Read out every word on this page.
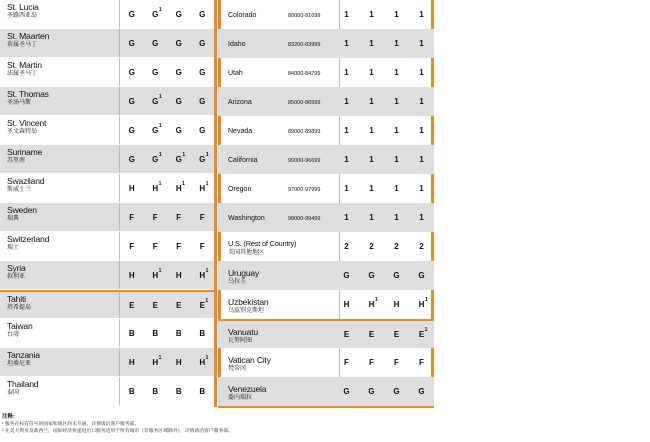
St. Lucia
圣路西亚岛	G	G 1	G	G
St. Maarten
荷属圣马丁	G	G	G	G
St. Martin
法属圣马丁	G	G	G	G
St. Thomas
圣汤马斯	G	G 1	G	G
St. Vincent
圣文森特岛	G	G 1	G	G
Suriname
苏里南	G	G 1	G 1	G 1
Swaziland
斯威士兰	H	H 1	H 1	H 1
Sweden
瑞典	F	F	F	F
Switzerland
瑞士	F	F	F	F
Syria
叙利亚	H	H 1	H	H 1
Tahiti
塔希提岛	E	E	E	E 1
Taiwan
台湾	B	B	B	B
Tanzania
坦桑尼亚	H	H 1	H	H 1
Thailand
泰国	B	B	B	B
Colorado	80000-81699	1	1	1	1
Idaho	83200-83999	1	1	1	1
Utah	84000-84799	1	1	1	1
Arizona	85000-86599	1	1	1	1
Nevada	89000-89899	1	1	1	1
California	90000-96699	1	1	1	1
Oregon	97000-97999	1	1	1	1
Washington	98000-99499	1	1	1	1
U.S. (Rest of Country)
美国其他地区
2	2	2	2
Uruguay
乌拉圭
G	G	G	G
Uzbekistan
乌兹别克斯坦
H	H 1	H	H 1
Vanuatu
瓦努阿图
E	E	E	E 1
Vatican City
梵蒂冈
F	F	F	F
Venezuela
委内瑞拉
G	G	G	G
注释:
¹ 服务在标有符号的国家和地区尚未开通，详情请洽客户服务部。
² 在美大利亚及新西兰，国际经济快递进出口服务适用于所有城市（非服务区域除外），详情请洽客户服务部。
